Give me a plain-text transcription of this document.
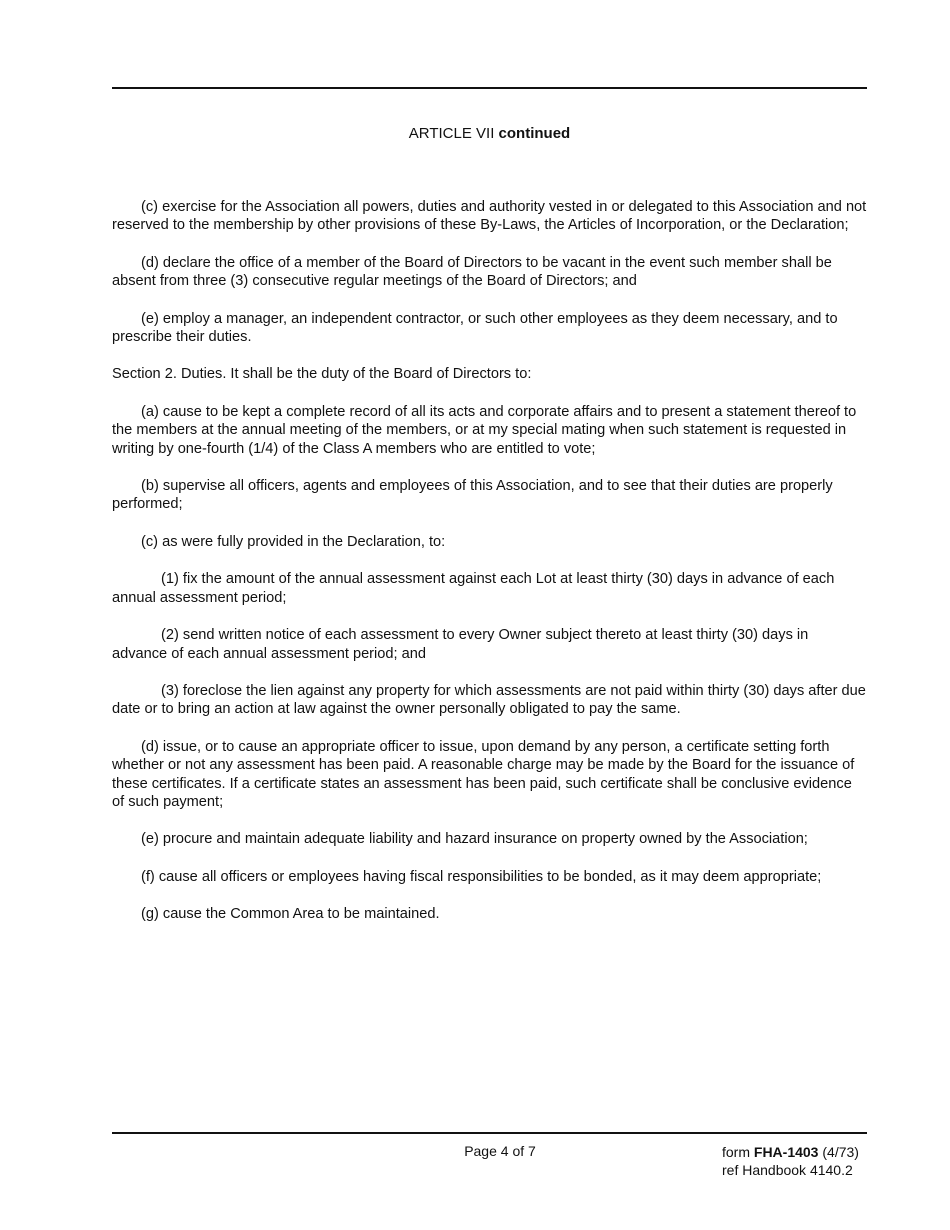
ARTICLE VII continued

(c) exercise for the Association all powers, duties and authority vested in or delegated to this Association and not reserved to the membership by other provisions of these By-Laws, the Articles of Incorporation, or the Declaration;

(d) declare the office of a member of the Board of Directors to be vacant in the event such member shall be absent from three (3) consecutive regular meetings of the Board of Directors; and

(e) employ a manager, an independent contractor, or such other employees as they deem necessary, and to prescribe their duties.

Section 2. Duties. It shall be the duty of the Board of Directors to:

(a) cause to be kept a complete record of all its acts and corporate affairs and to present a statement thereof to the members at the annual meeting of the members, or at my special mating when such statement is requested in writing by one-fourth (1/4) of the Class A members who are entitled to vote;

(b) supervise all officers, agents and employees of this Association, and to see that their duties are properly performed;

(c) as were fully provided in the Declaration, to:

(1) fix the amount of the annual assessment against each Lot at least thirty (30) days in advance of each annual assessment period;

(2) send written notice of each assessment to every Owner subject thereto at least thirty (30) days in advance of each annual assessment period; and

(3) foreclose the lien against any property for which assessments are not paid within thirty (30) days after due date or to bring an action at law against the owner personally obligated to pay the same.

(d) issue, or to cause an appropriate officer to issue, upon demand by any person, a certificate setting forth whether or not any assessment has been paid. A reasonable charge may be made by the Board for the issuance of these certificates. If a certificate states an assessment has been paid, such certificate shall be conclusive evidence of such payment;

(e) procure and maintain adequate liability and hazard insurance on property owned by the Association;

(f) cause all officers or employees having fiscal responsibilities to be bonded, as it may deem appropriate;

(g) cause the Common Area to be maintained.

Page 4 of 7	form FHA-1403 (4/73)
ref Handbook 4140.2
